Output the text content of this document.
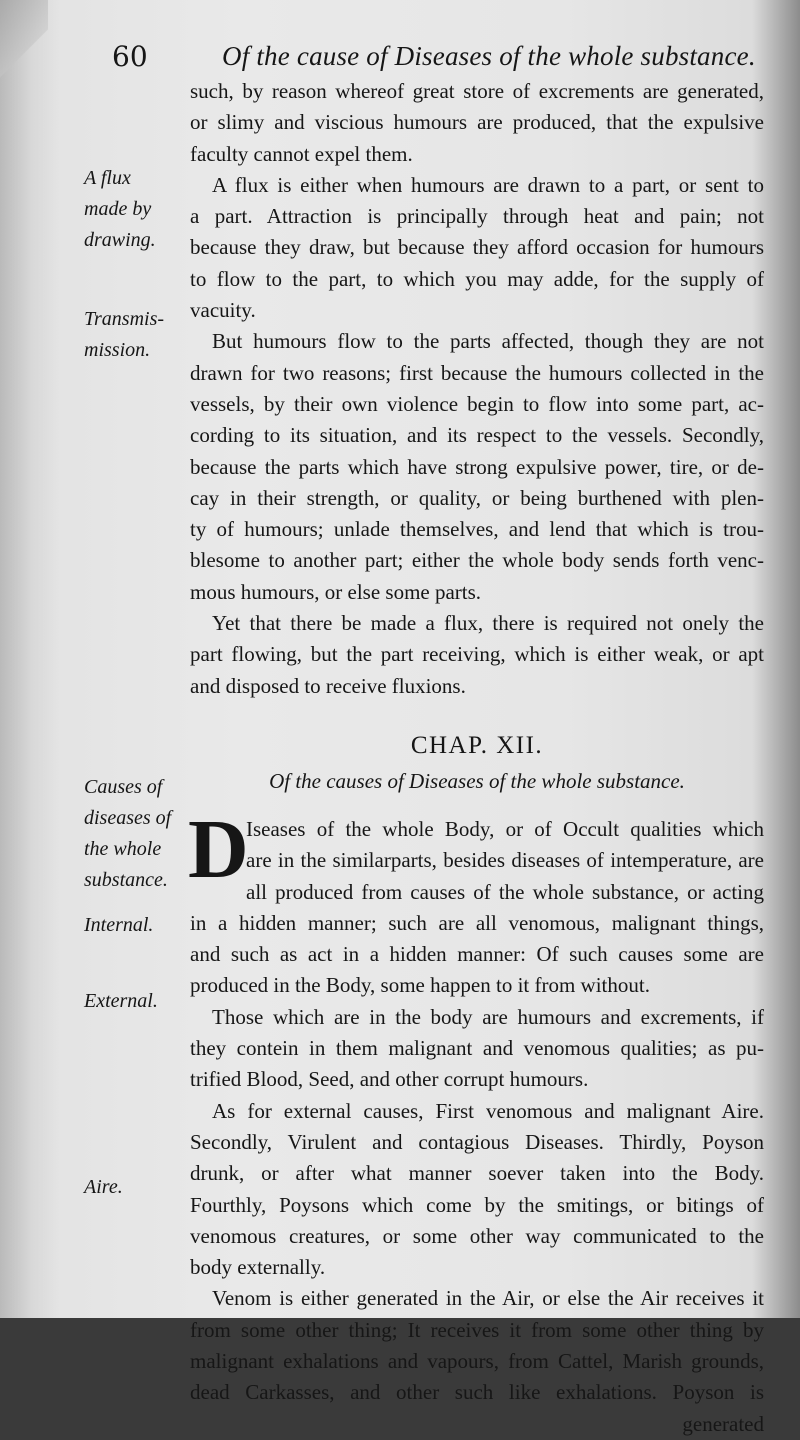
60	Of the cause of Diseases of the whole substance.
A flux
made by
drawing.
Transmis-
mission.
Causes of
diseases of
the whole
substance.
Internal.
External.
Aire.
such, by reason whereof great store of excrements are generated,
or slimy and viscious humours are produced, that the expulsive
faculty cannot expel them.
A flux is either when humours are drawn to a part, or sent to
a part. Attraction is principally through heat and pain; not
because they draw, but because they afford occasion for humours
to flow to the part, to which you may adde, for the supply of
vacuity.
But humours flow to the parts affected, though they are not
drawn for two reasons; first because the humours collected in the
vessels, by their own violence begin to flow into some part, ac-
cording to its situation, and its respect to the vessels. Secondly,
because the parts which have strong expulsive power, tire, or de-
cay in their strength, or quality, or being burthened with plen-
ty of humours; unlade themselves, and lend that which is trou-
blesome to another part; either the whole body sends forth venc-
mous humours, or else some parts.
Yet that there be made a flux, there is required not onely the
part flowing, but the part receiving, which is either weak, or apt
and disposed to receive fluxions.
CHAP. XII.
Of the causes of Diseases of the whole substance.
D
Iseases of the whole Body, or of Occult qualities which
are in the similarparts, besides diseases of intemperature, are
all produced from causes of the whole substance, or acting
in a hidden manner; such are all venomous, malignant things,
and such as act in a hidden manner: Of such causes some are
produced in the Body, some happen to it from without.
Those which are in the body are humours and excrements, if
they contein in them malignant and venomous qualities; as pu-
trified Blood, Seed, and other corrupt humours.
As for external causes, First venomous and malignant Aire.
Secondly, Virulent and contagious Diseases. Thirdly, Poyson
drunk, or after what manner soever taken into the Body.
Fourthly, Poysons which come by the smitings, or bitings of
venomous creatures, or some other way communicated to the
body externally.
Venom is either generated in the Air, or else the Air receives it
from some other thing; It receives it from some other thing by
malignant exhalations and vapours, from Cattel, Marish grounds,
dead Carkasses, and other such like exhalations. Poyson is
generated
